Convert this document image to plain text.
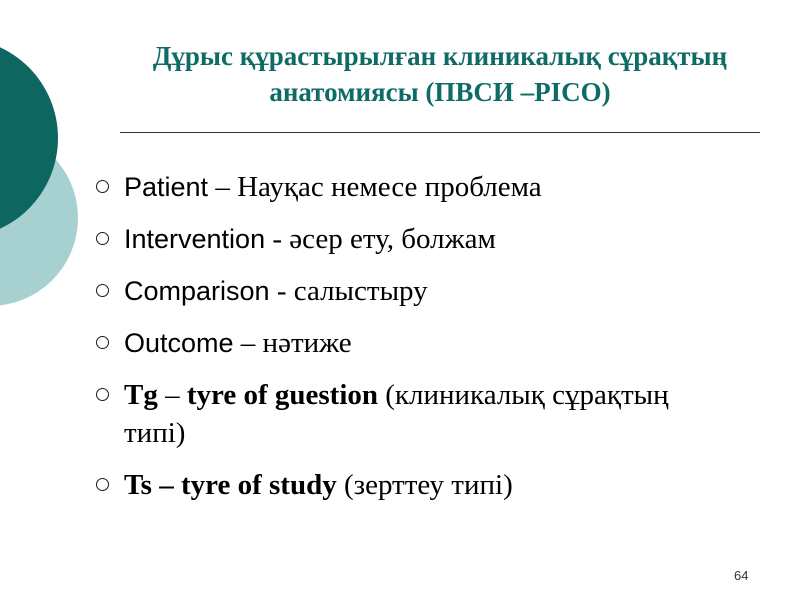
Дұрыс құрастырылған клиникалық сұрақтың
анатомиясы (ПВСИ –PICO)
Patient – Науқас немесе проблема
Intervention - әсер ету, болжам
Comparison - салыстыру
Outcome – нәтиже
Tg – tyre of guestion (клиникалық сұрақтың типі)
Ts – tyre of study (зерттеу типі)
64
